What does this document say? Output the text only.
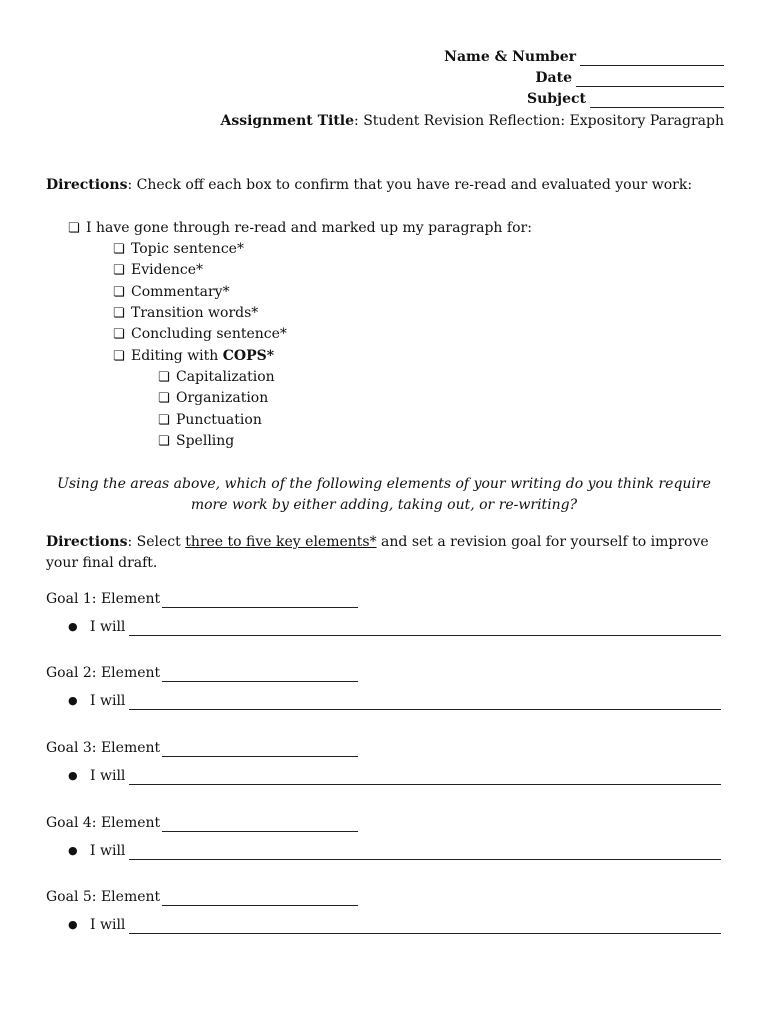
Name & Number
Date
Subject
Assignment Title : Student Revision Reflection: Expository Paragraph
Directions: Check off each box to confirm that you have re-read and evaluated your work:
❏ I have gone through re-read and marked up my paragraph for:
❏ Topic sentence*
❏ Evidence*
❏ Commentary*
❏ Transition words*
❏ Concluding sentence*
❏ Editing with COPS*
❏ Capitalization
❏ Organization
❏ Punctuation
❏ Spelling
Using the areas above, which of the following elements of your writing do you think require more work by either adding, taking out, or re-writing?
Directions: Select three to five key elements* and set a revision goal for yourself to improve your final draft.
Goal 1: Element
● I will
Goal 2: Element
● I will
Goal 3: Element
● I will
Goal 4: Element
● I will
Goal 5: Element
● I will
